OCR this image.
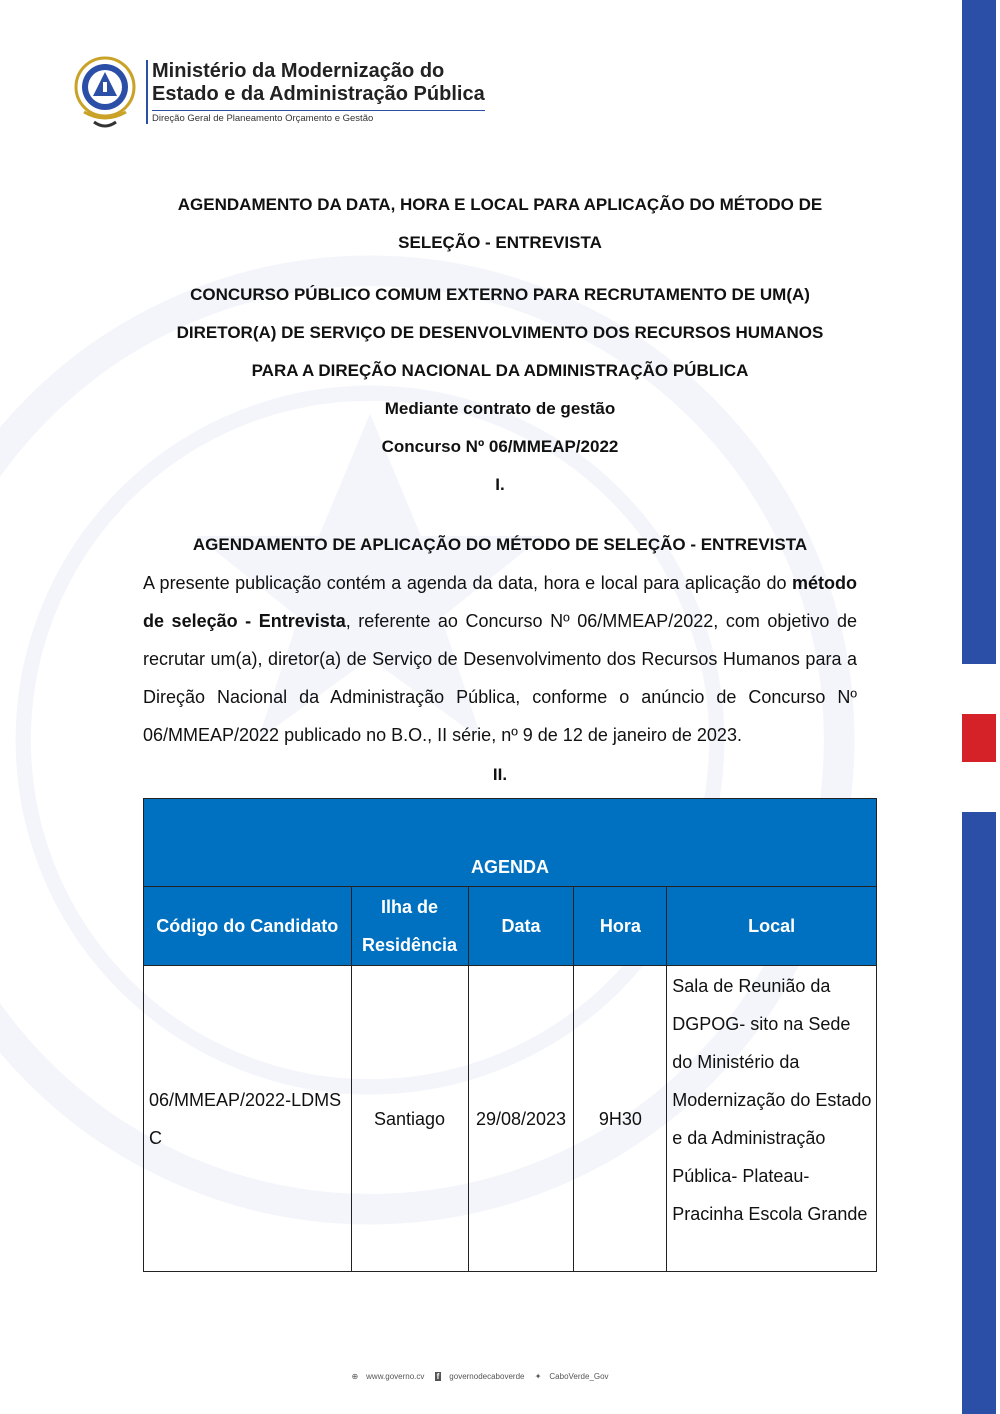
Ministério da Modernização do
Estado e da Administração Pública
Direção Geral de Planeamento Orçamento e Gestão
AGENDAMENTO DA DATA, HORA E LOCAL PARA APLICAÇÃO DO MÉTODO DE
SELEÇÃO - ENTREVISTA
CONCURSO PÚBLICO COMUM EXTERNO PARA RECRUTAMENTO DE UM(A)
DIRETOR(A) DE SERVIÇO DE DESENVOLVIMENTO DOS RECURSOS HUMANOS
PARA A DIREÇÃO NACIONAL DA ADMINISTRAÇÃO PÚBLICA
Mediante contrato de gestão
Concurso Nº 06/MMEAP/2022
I.
AGENDAMENTO DE APLICAÇÃO DO MÉTODO DE SELEÇÃO - ENTREVISTA
A presente publicação contém a agenda da data, hora e local para aplicação do método de seleção - Entrevista, referente ao Concurso Nº 06/MMEAP/2022, com objetivo de recrutar um(a), diretor(a) de Serviço de Desenvolvimento dos Recursos Humanos para a Direção Nacional da Administração Pública, conforme o anúncio de Concurso Nº 06/MMEAP/2022 publicado no B.O., II série, nº 9 de 12 de janeiro de 2023.
II.
AGENDA				
Código do Candidato	Ilha de Residência	Data	Hora	Local
06/MMEAP/2022-LDMSC	Santiago	29/08/2023	9H30	Sala de Reunião da DGPOG- sito na Sede do Ministério da Modernização do Estado e da Administração Pública- Plateau- Pracinha Escola Grande
⊕ www.governo.cv f governodecaboverde ✦ CaboVerde_Gov
